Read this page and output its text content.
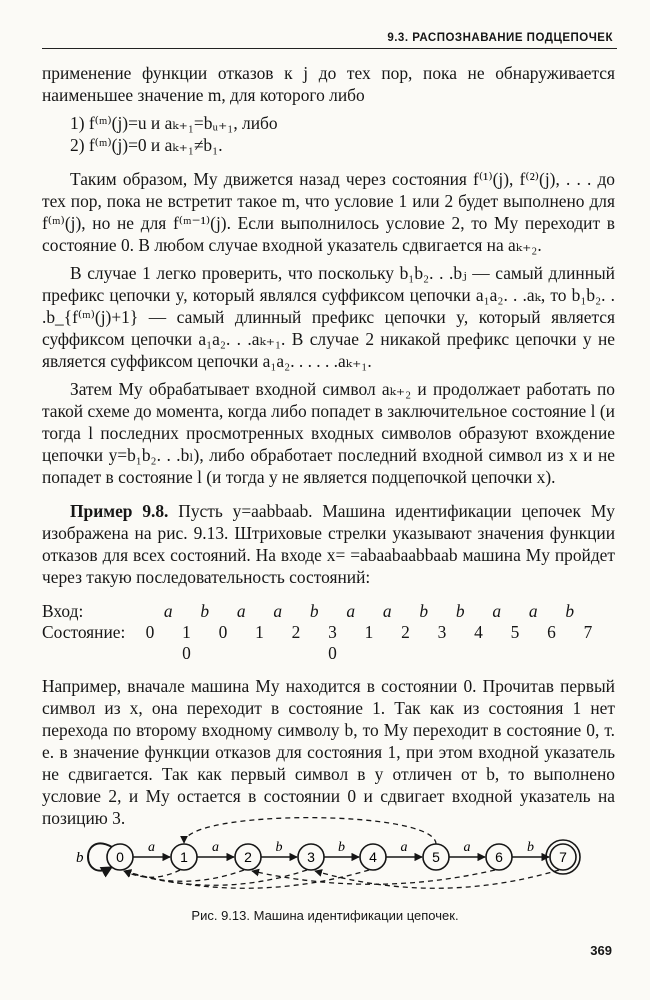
9.3. РАСПОЗНАВАНИЕ ПОДЦЕПОЧЕК

применение функции отказов к j до тех пор, пока не обнаруживается наименьшее значение m, для которого либо

1) f⁽ᵐ⁾(j)=u и aₖ₊₁=bᵤ₊₁, либо

2) f⁽ᵐ⁾(j)=0 и aₖ₊₁≠b₁.

Таким образом, My движется назад через состояния f⁽¹⁾(j), f⁽²⁾(j), . . . до тех пор, пока не встретит такое m, что условие 1 или 2 будет выполнено для f⁽ᵐ⁾(j), но не для f⁽ᵐ⁻¹⁾(j). Если выполнилось условие 2, то My переходит в состояние 0. В любом случае входной указатель сдвигается на aₖ₊₂.

В случае 1 легко проверить, что поскольку b₁b₂. . .bⱼ — самый длинный префикс цепочки y, который являлся суффиксом цепочки a₁a₂. . .aₖ, то b₁b₂. . .b_{f⁽ᵐ⁾(j)+1} — самый длинный префикс цепочки y, который является суффиксом цепочки a₁a₂. . .aₖ₊₁. В случае 2 никакой префикс цепочки y не является суффиксом цепочки a₁a₂. . . . . .aₖ₊₁.

Затем My обрабатывает входной символ aₖ₊₂ и продолжает работать по такой схеме до момента, когда либо попадет в заключительное состояние l (и тогда l последних просмотренных входных символов образуют вхождение цепочки y=b₁b₂. . .bₗ), либо обработает последний входной символ из x и не попадет в состояние l (и тогда y не является подцепочкой цепочки x).

Пример 9.8. Пусть y=aabbaab. Машина идентификации цепочек My изображена на рис. 9.13. Штриховые стрелки указывают значения функции отказов для всех состояний. На входе x= =abaabaabbaab машина My пройдет через такую последовательность состояний:

Вход:	a	b	a	a	b	a	a	b	b	a	a	b
Состояние:	0	1	0	1	2	3	1	2	3	4	5	6	7
0	0

Например, вначале машина My находится в состоянии 0. Прочитав первый символ из x, она переходит в состояние 1. Так как из состояния 1 нет перехода по второму входному символу b, то My переходит в состояние 0, т. е. в значение функции отказов для состояния 1, при этом входной указатель не сдвигается. Так как первый символ в y отличен от b, то выполнено условие 2, и My остается в состоянии 0 и сдвигает входной указатель на позицию 3.

b
a	a	b	b	a	a	b
0	1	2	3	4	5	6	7
Рис. 9.13. Машина идентификации цепочек.
369
